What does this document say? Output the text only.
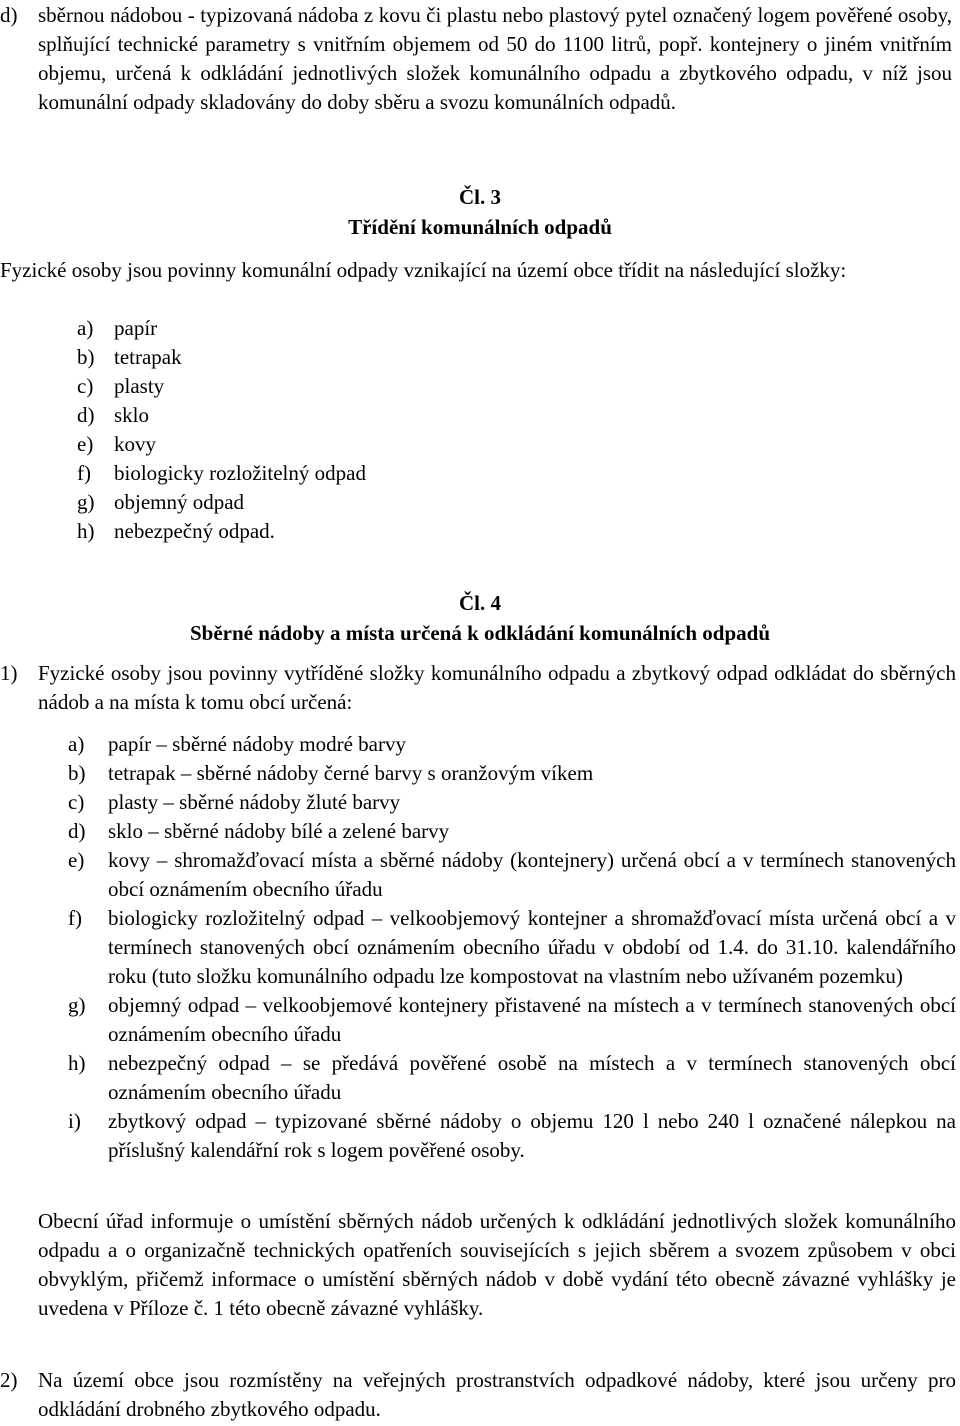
d) sběrnou nádobou - typizovaná nádoba z kovu či plastu nebo plastový pytel označený logem pověřené osoby, splňující technické parametry s vnitřním objemem od 50 do 1100 litrů, popř. kontejnery o jiném vnitřním objemu, určená k odkládání jednotlivých složek komunálního odpadu a zbytkového odpadu, v níž jsou komunální odpady skladovány do doby sběru a svozu komunálních odpadů.
Čl. 3
Třídění komunálních odpadů
Fyzické osoby jsou povinny komunální odpady vznikající na území obce třídit na následující složky:
a) papír
b) tetrapak
c) plasty
d) sklo
e) kovy
f)	biologicky rozložitelný odpad
g) objemný odpad
h) nebezpečný odpad.
Čl. 4
Sběrné nádoby a místa určená k odkládání komunálních odpadů
1) Fyzické osoby jsou povinny vytříděné složky komunálního odpadu a zbytkový odpad odkládat do sběrných nádob a na místa k tomu obcí určená:
a)	papír – sběrné nádoby modré barvy
b)	tetrapak – sběrné nádoby černé barvy s oranžovým víkem
c)	plasty – sběrné nádoby žluté barvy
d)	sklo – sběrné nádoby bílé a zelené barvy
e)	kovy – shromažďovací místa a sběrné nádoby (kontejnery) určená obcí a v termínech stanovených obcí oznámením obecního úřadu
f)	biologicky rozložitelný odpad – velkoobjemový kontejner a shromažďovací místa určená obcí a v termínech stanovených obcí oznámením obecního úřadu v období od 1.4. do 31.10. kalendářního roku (tuto složku komunálního odpadu lze kompostovat na vlastním nebo užívaném pozemku)
g)	objemný odpad – velkoobjemové kontejnery přistavené na místech a v termínech stanovených obcí oznámením obecního úřadu
h)	nebezpečný odpad – se předává pověřené osobě na místech a v termínech stanovených obcí oznámením obecního úřadu
i)	zbytkový odpad – typizované sběrné nádoby o objemu 120 l nebo 240 l označené nálepkou na příslušný kalendářní rok s logem pověřené osoby.
Obecní úřad informuje o umístění sběrných nádob určených k odkládání jednotlivých složek komunálního odpadu a o organizačně technických opatřeních souvisejících s jejich sběrem a svozem způsobem v obci obvyklým, přičemž informace o umístění sběrných nádob v době vydání této obecně závazné vyhlášky je uvedena v Příloze č. 1 této obecně závazné vyhlášky.
2) Na území obce jsou rozmístěny na veřejných prostranstvích odpadkové nádoby, které jsou určeny pro odkládání drobného zbytkového odpadu.
